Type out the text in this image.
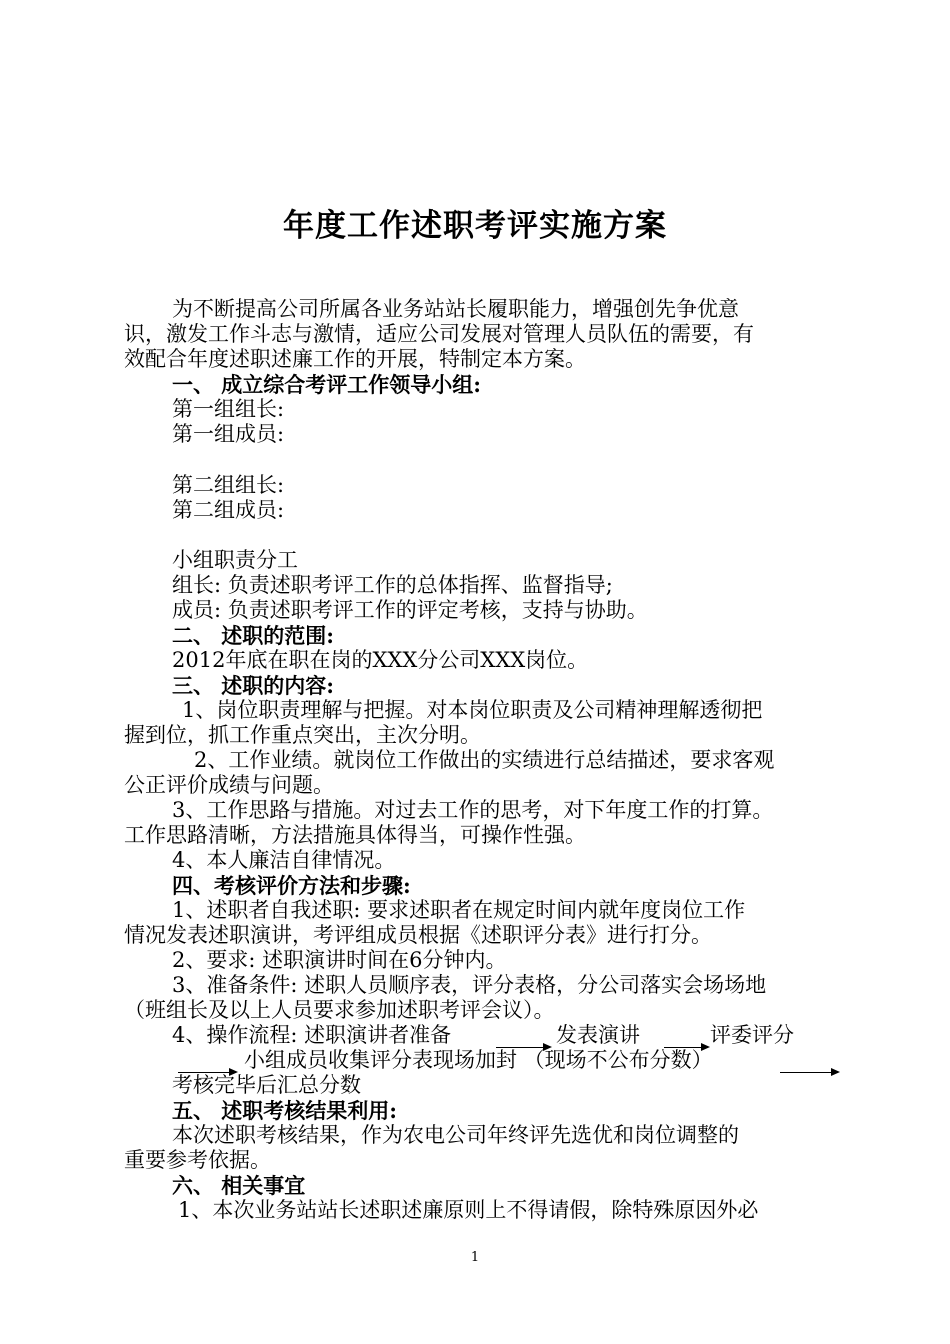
年度工作述职考评实施方案
为不断提高公司所属各业务站站长履职能力，增强创先争优意
识，激发工作斗志与激情，适应公司发展对管理人员队伍的需要，有
效配合年度述职述廉工作的开展，特制定本方案。
一、 成立综合考评工作领导小组:
第一组组长:
第一组成员:
第二组组长:
第二组成员:
小组职责分工
组长: 负责述职考评工作的总体指挥、监督指导;
成员: 负责述职考评工作的评定考核，支持与协助。
二、 述职的范围:
2012年底在职在岗的XXX分公司XXX岗位。
三、 述职的内容:
1、岗位职责理解与把握。对本岗位职责及公司精神理解透彻把
握到位，抓工作重点突出，主次分明。
2、工作业绩。就岗位工作做出的实绩进行总结描述，要求客观
公正评价成绩与问题。
3、工作思路与措施。对过去工作的思考，对下年度工作的打算。
工作思路清晰，方法措施具体得当，可操作性强。
4、本人廉洁自律情况。
四、考核评价方法和步骤:
1、述职者自我述职: 要求述职者在规定时间内就年度岗位工作
情况发表述职演讲，考评组成员根据《述职评分表》进行打分。
2、要求: 述职演讲时间在6分钟内。
3、准备条件: 述职人员顺序表，评分表格，分公司落实会场场地
（班组长及以上人员要求参加述职考评会议）。
4、操作流程: 述职演讲者准备	发表演讲	评委评分
小组成员收集评分表现场加封 （现场不公布分数）
考核完毕后汇总分数
五、 述职考核结果利用:
本次述职考核结果，作为农电公司年终评先选优和岗位调整的
重要参考依据。
六、 相关事宜
1、本次业务站站长述职述廉原则上不得请假，除特殊原因外必
1
